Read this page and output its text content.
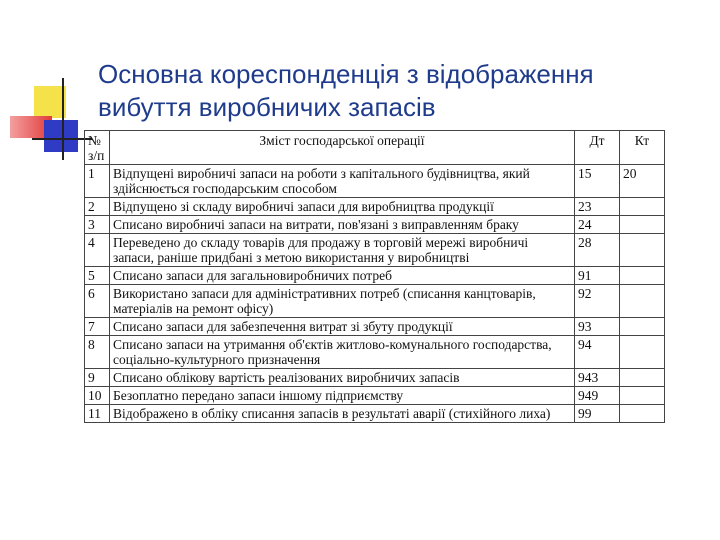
Основна кореспонденція з відображення
вибуття виробничих запасів
№ з/п	Зміст господарської операції	Дт	Кт
1	Відпущені виробничі запаси на роботи з капітального будівництва, який здійснюється господарським способом	15	20
2	Відпущено зі складу виробничі запаси для виробництва продукції	23	
3	Списано виробничі запаси на витрати, пов'язані з виправленням браку	24	
4	Переведено до складу товарів для продажу в торговій мережі виробничі запаси, раніше придбані з метою використання у виробництві	28	
5	Списано запаси для загальновиробничих потреб	91	
6	Використано запаси для адміністративних потреб (списання канцтоварів, матеріалів на ремонт офісу)	92	
7	Списано запаси для забезпечення витрат зі збуту продукції	93	
8	Списано запаси на утримання об'єктів житлово-комунального господарства, соціально-культурного призначення	94	
9	Списано облікову вартість реалізованих виробничих запасів	943	
10	Безоплатно передано запаси іншому підприємству	949	
11	Відображено в обліку списання запасів в результаті аварії (стихійного лиха)	99	
